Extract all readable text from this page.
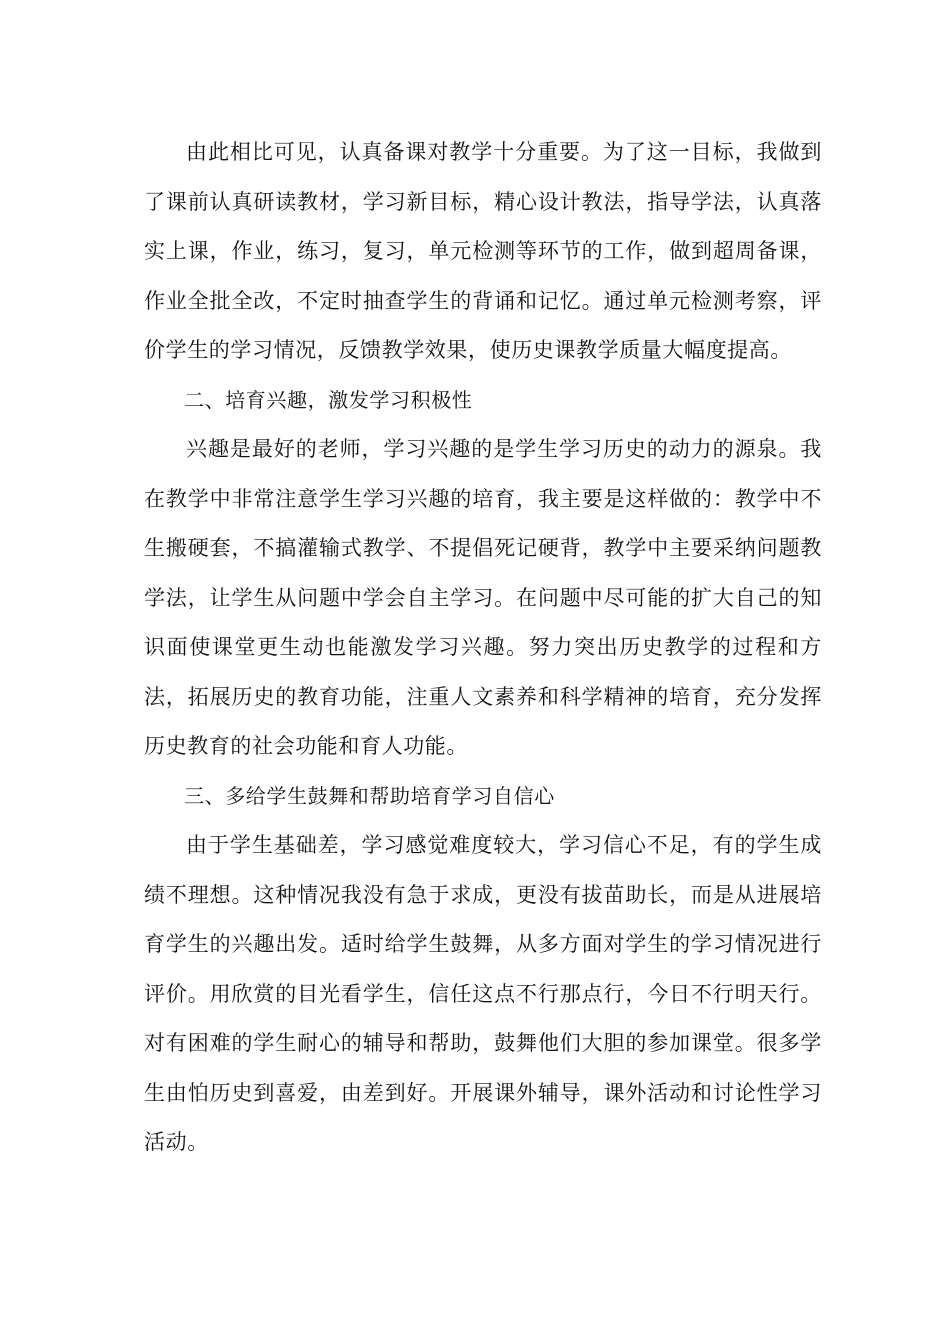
由此相比可见，认真备课对教学十分重要。为了这一目标，我做到了课前认真研读教材，学习新目标，精心设计教法，指导学法，认真落实上课，作业，练习，复习，单元检测等环节的工作，做到超周备课，作业全批全改，不定时抽查学生的背诵和记忆。通过单元检测考察，评价学生的学习情况，反馈教学效果，使历史课教学质量大幅度提高。

二、培育兴趣，激发学习积极性

兴趣是最好的老师，学习兴趣的是学生学习历史的动力的源泉。我在教学中非常注意学生学习兴趣的培育，我主要是这样做的：教学中不生搬硬套，不搞灌输式教学、不提倡死记硬背，教学中主要采纳问题教学法，让学生从问题中学会自主学习。在问题中尽可能的扩大自己的知识面使课堂更生动也能激发学习兴趣。努力突出历史教学的过程和方法，拓展历史的教育功能，注重人文素养和科学精神的培育，充分发挥历史教育的社会功能和育人功能。

三、多给学生鼓舞和帮助培育学习自信心

由于学生基础差，学习感觉难度较大，学习信心不足，有的学生成绩不理想。这种情况我没有急于求成，更没有拔苗助长，而是从进展培育学生的兴趣出发。适时给学生鼓舞，从多方面对学生的学习情况进行评价。用欣赏的目光看学生，信任这点不行那点行，今日不行明天行。对有困难的学生耐心的辅导和帮助，鼓舞他们大胆的参加课堂。很多学生由怕历史到喜爱，由差到好。开展课外辅导，课外活动和讨论性学习活动。
